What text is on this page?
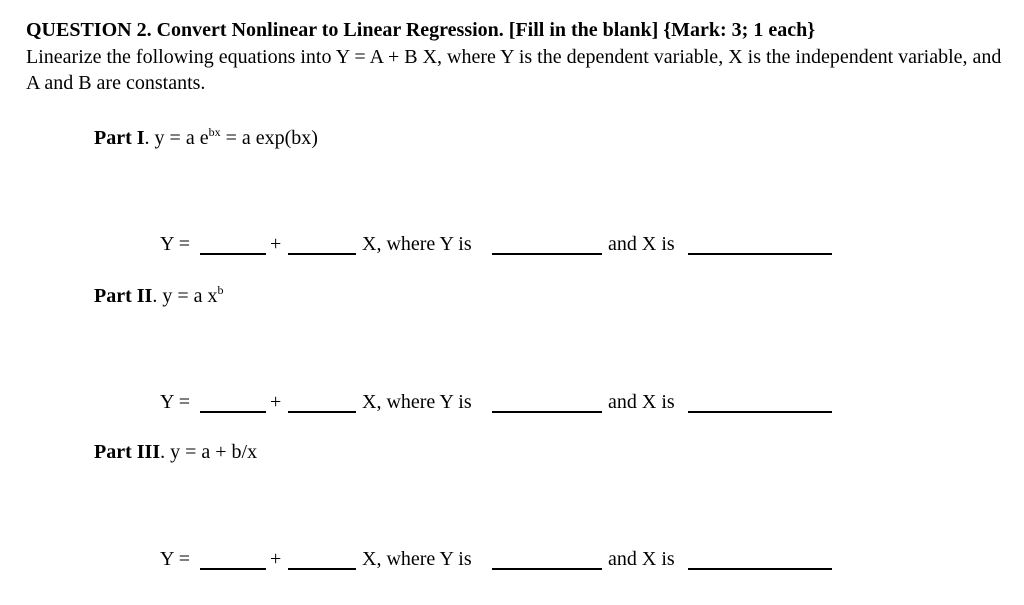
QUESTION 2. Convert Nonlinear to Linear Regression. [Fill in the blank] {Mark: 3; 1 each}
Linearize the following equations into Y = A + B X, where Y is the dependent variable, X is the independent variable, and A and B are constants.
Part I. y = a $e^{bx} = a$ exp(bx)
Y =	+	X, where Y is	and X is
Part II. y = a $x^b$
Y =	+	X, where Y is	and X is
Part III. y = a + b/x
Y =	+	X, where Y is	and X is
